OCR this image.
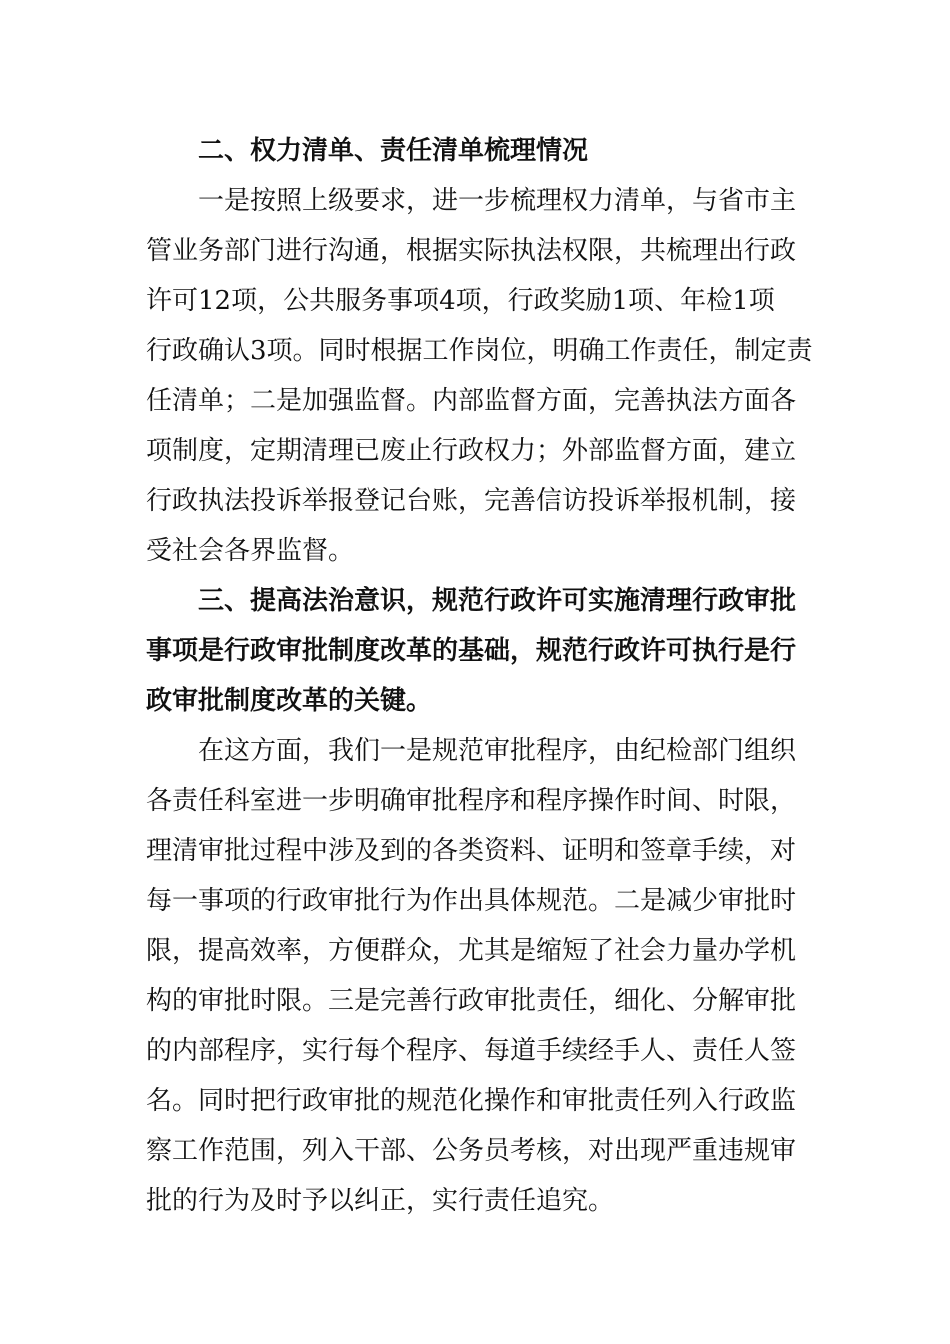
二、权力清单、责任清单梳理情况
一是按照上级要求，进一步梳理权力清单，与省市主
管业务部门进行沟通，根据实际执法权限，共梳理出行政
许可12项，公共服务事项4项，行政奖励1项、年检1项
行政确认3项。同时根据工作岗位，明确工作责任，制定责
任清单；二是加强监督。内部监督方面，完善执法方面各
项制度，定期清理已废止行政权力；外部监督方面，建立
行政执法投诉举报登记台账，完善信访投诉举报机制，接
受社会各界监督。
三、提高法治意识，规范行政许可实施清理行政审批
事项是行政审批制度改革的基础，规范行政许可执行是行
政审批制度改革的关键。
在这方面，我们一是规范审批程序，由纪检部门组织
各责任科室进一步明确审批程序和程序操作时间、时限，
理清审批过程中涉及到的各类资料、证明和签章手续，对
每一事项的行政审批行为作出具体规范。二是减少审批时
限，提高效率，方便群众，尤其是缩短了社会力量办学机
构的审批时限。三是完善行政审批责任，细化、分解审批
的内部程序，实行每个程序、每道手续经手人、责任人签
名。同时把行政审批的规范化操作和审批责任列入行政监
察工作范围，列入干部、公务员考核，对出现严重违规审
批的行为及时予以纠正，实行责任追究。
